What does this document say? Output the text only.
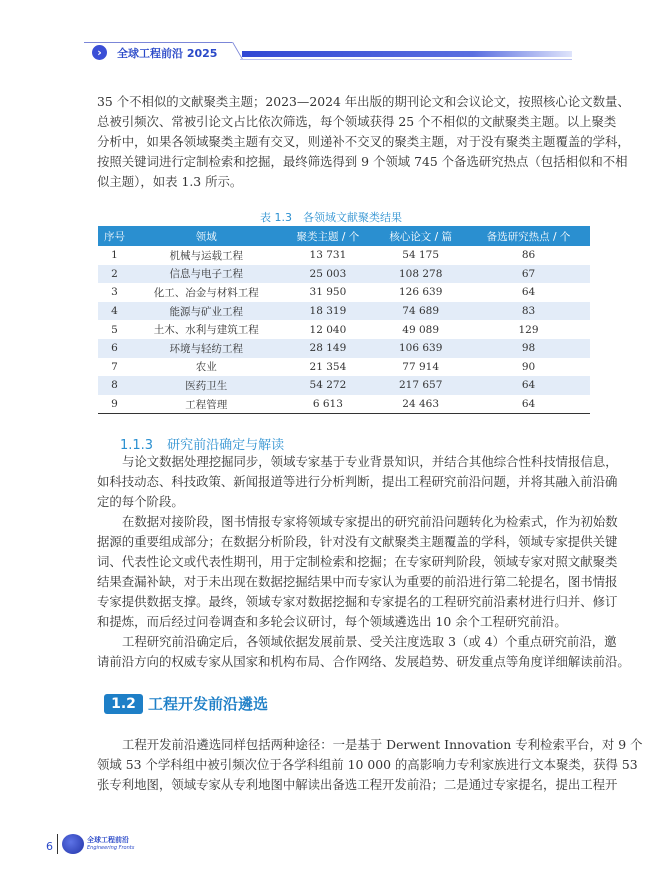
›	全球工程前沿 2025
35 个不相似的文献聚类主题；2023—2024 年出版的期刊论文和会议论文，按照核心论文数量、
总被引频次、常被引论文占比依次筛选，每个领域获得 25 个不相似的文献聚类主题。以上聚类
分析中，如果各领域聚类主题有交叉，则递补不交叉的聚类主题，对于没有聚类主题覆盖的学科，
按照关键词进行定制检索和挖掘，最终筛选得到 9 个领域 745 个备选研究热点（包括相似和不相
似主题），如表 1.3 所示。
表 1.3　各领域文献聚类结果
序号	领域	聚类主题 / 个	核心论文 / 篇	备选研究热点 / 个
1	机械与运载工程	13 731	54 175	86
2	信息与电子工程	25 003	108 278	67
3	化工、冶金与材料工程	31 950	126 639	64
4	能源与矿业工程	18 319	74 689	83
5	土木、水利与建筑工程	12 040	49 089	129
6	环境与轻纺工程	28 149	106 639	98
7	农业	21 354	77 914	90
8	医药卫生	54 272	217 657	64
9	工程管理	6 613	24 463	64
1.1.3 研究前沿确定与解读
与论文数据处理挖掘同步，领域专家基于专业背景知识，并结合其他综合性科技情报信息，
如科技动态、科技政策、新闻报道等进行分析判断，提出工程研究前沿问题，并将其融入前沿确
定的每个阶段。
在数据对接阶段，图书情报专家将领域专家提出的研究前沿问题转化为检索式，作为初始数
据源的重要组成部分；在数据分析阶段，针对没有文献聚类主题覆盖的学科，领域专家提供关键
词、代表性论文或代表性期刊，用于定制检索和挖掘；在专家研判阶段，领域专家对照文献聚类
结果查漏补缺，对于未出现在数据挖掘结果中而专家认为重要的前沿进行第二轮提名，图书情报
专家提供数据支撑。最终，领域专家对数据挖掘和专家提名的工程研究前沿素材进行归并、修订
和提炼，而后经过问卷调查和多轮会议研讨，每个领域遴选出 10 余个工程研究前沿。
工程研究前沿确定后，各领域依据发展前景、受关注度选取 3（或 4）个重点研究前沿，邀
请前沿方向的权威专家从国家和机构布局、合作网络、发展趋势、研发重点等角度详细解读前沿。
1.2 工程开发前沿遴选
工程开发前沿遴选同样包括两种途径：一是基于 Derwent Innovation 专利检索平台，对 9 个
领域 53 个学科组中被引频次位于各学科组前 10 000 的高影响力专利家族进行文本聚类，获得 53
张专利地图，领域专家从专利地图中解读出备选工程开发前沿；二是通过专家提名，提出工程开
6	全球工程前沿
Engineering Fronts
